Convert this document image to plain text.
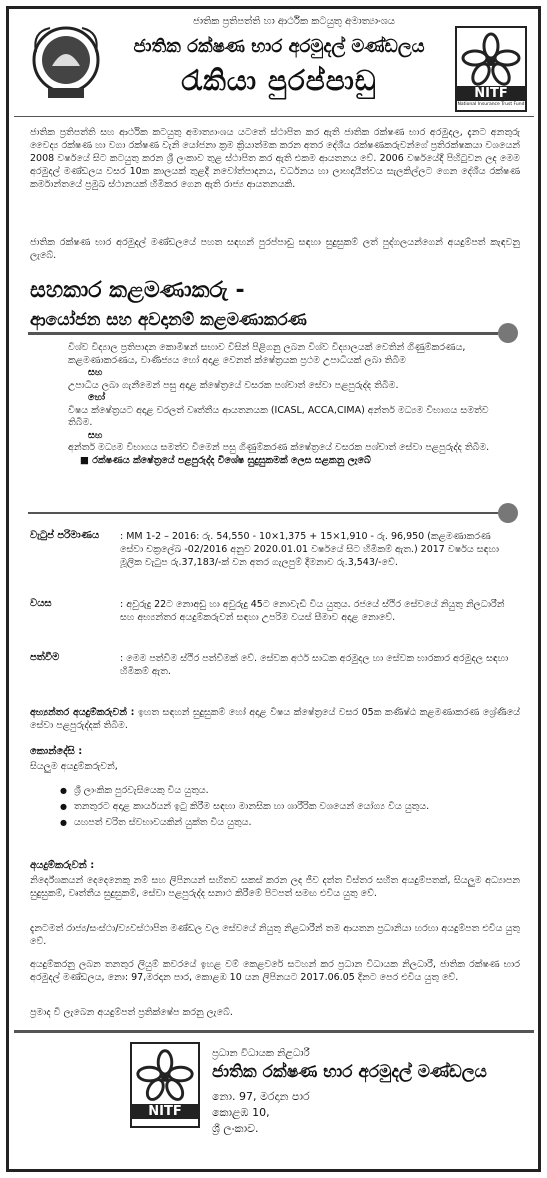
ජාතික ප්‍රතිපත්ති හා ආර්ථික කටයුතු අමාත්‍යාංශය
ජාතික රක්ෂණ භාර අරමුදල් මණ්ඩලය
රැකියා පුරප්පාඩු	NITF
National Insurance Trust Fund

ජාතික ප්‍රතිපත්ති සහ ආර්ථික කටයුතු අමාත්‍යාංශය යටතේ ස්ථාපිත කර ඇති ජාතික රක්ෂණ භාර අරමුදල, දැනට අනතුරු වෛද්‍ය රක්ෂණ හා වගා රක්ෂණ වැනි යෝජනා ක්‍රම ක්‍රියාත්මක කරන අතර දේශීය රක්ෂණකරුවන්ගේ ප්‍රතිරක්ෂකයා වශයෙන් 2008 වර්ෂයේ සිට කටයුතු කරන ශ්‍රී ලංකාව තුළ ස්ථාපිත කර ඇති එකම ආයතනය වේ. 2006 වර්ෂයේදී පිහිටුවන ලද මෙම අරමුදල් මණ්ඩලය වසර 10ක කාලයක් තුළදී නවෝත්පාදනය, වර්ධනය හා ලාභදායීත්වය සැලකිල්ලට ගෙන දේශීය රක්ෂණ කර්මාන්තයේ ප්‍රමුඛ ස්ථානයක් හිමිකර ගෙන ඇති රාජ්‍ය ආයතනයකි.

ජාතික රක්ෂණ භාර අරමුදල් මණ්ඩලයේ පහත සඳහන් පුරප්පාඩු සඳහා සුදුසුකම් ලත් පුද්ගලයන්ගෙන් අයදුම්පත් කැඳවනු ලැබේ.

සහකාර කළමණාකරු -
ආයෝජන සහ අවදානම් කළමණාකරණ
විශ්ව විද්‍යාල ප්‍රතිපාදන කොමිෂන් සභාව විසින් පිළිගනු ලබන විශ්ව විද්‍යාලයක් වෙතින් ගිණුම්කරණය, කළමණාකරණය, වාණිජ්‍යය හෝ අදාළ වෙනත් ක්ෂේත්‍රයක ප්‍රථම උපාධියක් ලබා තිබීම
සහ
උපාධිය ලබා ගැනීමෙන් පසු අදාළ ක්ෂේත්‍රයේ වසරක පශ්චාත් සේවා පළපුරුද්ද තිබීම.
හෝ
විෂය ක්ෂේත්‍රයට අදාළ වරලත් වෘත්තීය ආයතනයක (ICASL, ACCA,CIMA) අන්තර් මධ්‍යම විභාගය සමත්ව තිබීම.
සහ
අන්තර් මධ්‍යම විභාගය සමත්ව වීමෙන් පසු ගිණුම්කරණ ක්ෂේත්‍රයේ වසරක පශ්චාත් සේවා පළපුරුද්ද තිබීම.
■ රක්ෂණය ක්ෂේත්‍රයේ පළපුරුද්ද විශේෂ සුදුසුකමක් ලෙස සළකනු ලැබේ
වැටුප් පරිමාණය : MM 1-2 – 2016: රු. 54,550 - 10×1,375 + 15×1,910 - රු. 96,950 (කළමණාකරණ සේවා චක්‍රලේඛ -02/2016 අනුව 2020.01.01 වර්ෂයේ සිට හිමිකම් ඇත.) 2017 වර්ෂය සඳහා මූලික වැටුප රු.37,183/-ක් වන අතර ගැලපුම් දීමනාව රු.3,543/-වේ.
වයස	: අවුරුදු 22ට නොඅඩු හා අවුරුදු 45ට නොවැඩි විය යුතුය. රජයේ ස්ථිර සේවයේ නියුතු නිලධාරීන් සහ අභ්‍යන්තර අයදුම්කරුවන් සඳහා උපරිම වයස් සීමාව අදාළ නොවේ.
පත්වීම	: මෙම පත්වීම ස්ථිර පත්වීමක් වේ. සේවක අර්ථ සාධක අරමුදල හා සේවක භාරකාර අරමුදල සඳහා හිමිකම් ඇත.
අභ්‍යන්තර අයදුම්කරුවන් : ඉහත සඳහන් සුදුසුකම් හෝ අදාළ විෂය ක්ෂේත්‍රයේ වසර 05ක කණිෂ්ඨ කළමණාකරණ ශ්‍රේණියේ සේවා පළපුරුද්දක් තිබීම.
කොන්දේසි :
සියලුම අයදුම්කරුවන්,
● ශ්‍රී ලාංකික පුරවැසියෙකු විය යුතුය.
● තනතුරට අදාළ කාර්යයන් ඉටු කිරීම සඳහා මානසික හා ශාරීරික වශයෙන් යෝග්‍ය විය යුතුය.
● යහපත් චරිත ස්වභාවයකින් යුක්ත විය යුතුය.
අයදුම්කරුවන් :

නිර්දේශකයන් දෙදෙනෙකු නම් සහ ලිපිනයන් සහිතව සකස් කරන ලද ජීව දත්ත විස්තර සහිත අයදුම්පතක්, සියලුම අධ්‍යාපන සුදුසුකම්, වෘත්තීය සුදුසුකම්, සේවා පළපුරුද්ද සනාථ කිරීමේ පිටපත් සමඟ එවිය යුතු වේ.

දැනටමත් රාජ්‍ය/සංස්ථා/ව්‍යවස්ථාපිත මණ්ඩල වල සේවයේ නියුතු නිළධාරීන් තම ආයතන ප්‍රධානියා හරහා අයදුම්පත එවිය යුතු වේ.

අයදුම්කරනු ලබන තනතුර ලියුම් කවරයේ ඉහළ වම් කෙළවරේ සටහන් කර ප්‍රධාන විධායක නිලධාරී, ජාතික රක්ෂණ භාර අරමුදල් මණ්ඩලය, නො: 97,මරදාන පාර, කොළඹ 10 යන ලිපිනයට 2017.06.05 දිනට පෙර එවිය යුතු වේ.

ප්‍රමාද වී ලැබෙන අයදුම්පත් ප්‍රතික්ෂේප කරනු ලැබේ.

NITF
ප්‍රධාන විධායක නිළධාරී
ජාතික රක්ෂණ භාර අරමුදල් මණ්ඩලය
නො. 97, මරදාන පාර
කොළඹ 10,
ශ්‍රී ලංකාව.
